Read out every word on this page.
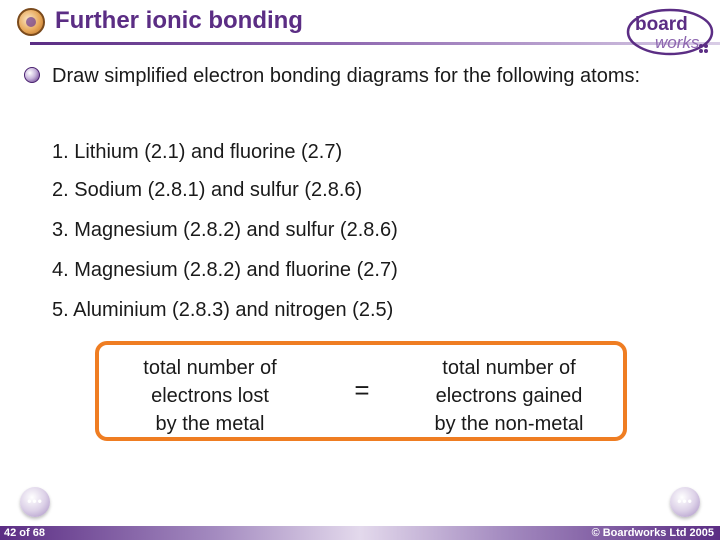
Further ionic bonding	board
works
Draw simplified electron bonding diagrams for the following atoms:
1. Lithium (2.1) and fluorine (2.7)
2. Sodium (2.8.1) and sulfur (2.8.6)
3. Magnesium (2.8.2) and sulfur (2.8.6)
4. Magnesium (2.8.2) and fluorine (2.7)
5. Aluminium (2.8.3) and nitrogen (2.5)
total number of
electrons lost
by the metal
=
total number of
electrons gained
by the non-metal
•••	•••
42 of 68	© Boardworks Ltd 2005
